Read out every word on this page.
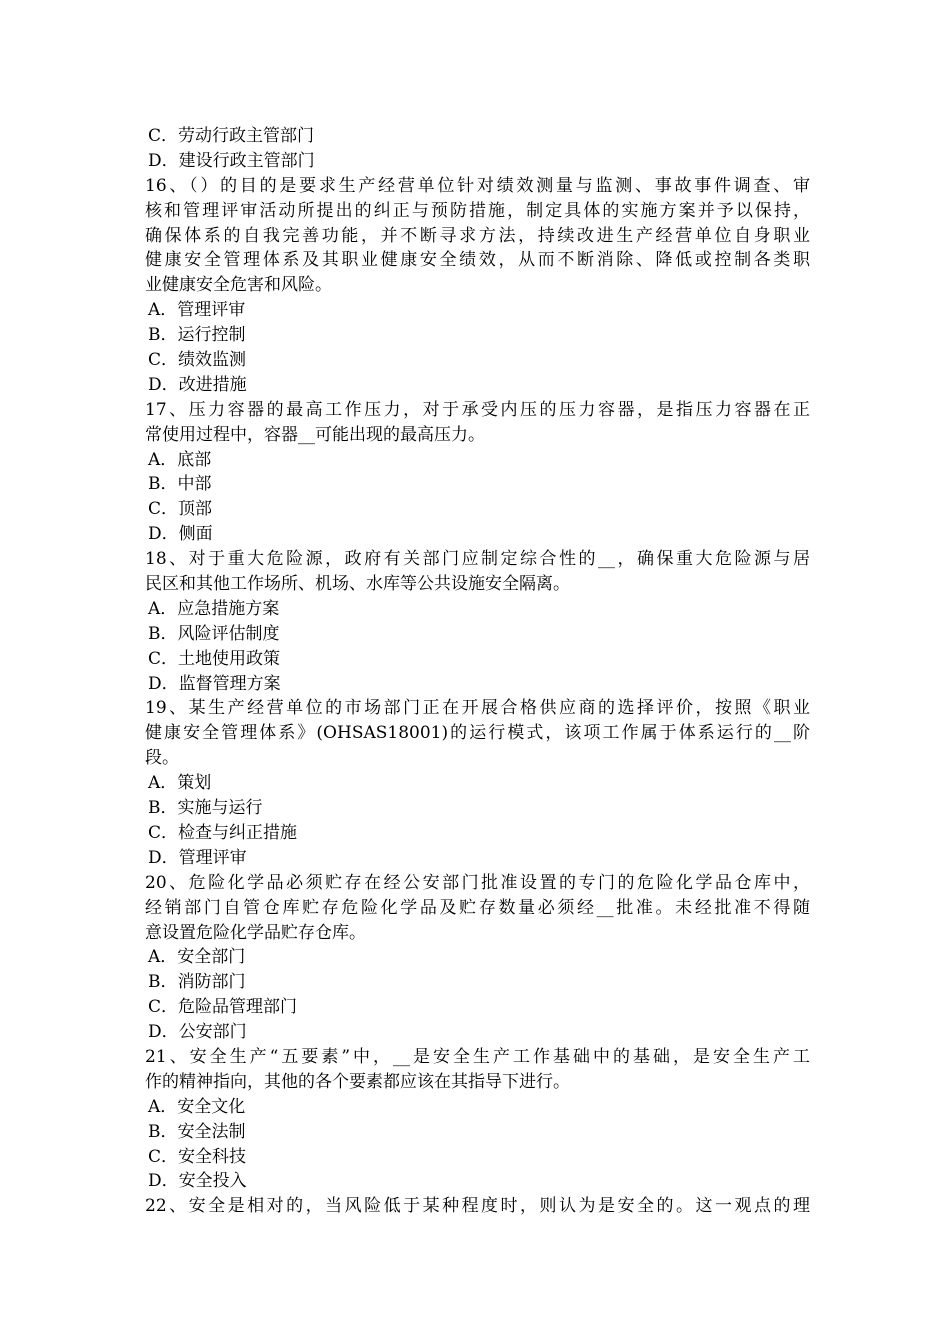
C．劳动行政主管部门
D．建设行政主管部门
16、（）的目的是要求生产经营单位针对绩效测量与监测、事故事件调查、审
核和管理评审活动所提出的纠正与预防措施，制定具体的实施方案并予以保持，
确保体系的自我完善功能，并不断寻求方法，持续改进生产经营单位自身职业
健康安全管理体系及其职业健康安全绩效，从而不断消除、降低或控制各类职
业健康安全危害和风险。
A．管理评审
B．运行控制
C．绩效监测
D．改进措施
17、压力容器的最高工作压力，对于承受内压的压力容器，是指压力容器在正
常使用过程中，容器__可能出现的最高压力。
A．底部
B．中部
C．顶部
D．侧面
18、对于重大危险源，政府有关部门应制定综合性的__，确保重大危险源与居
民区和其他工作场所、机场、水库等公共设施安全隔离。
A．应急措施方案
B．风险评估制度
C．土地使用政策
D．监督管理方案
19、某生产经营单位的市场部门正在开展合格供应商的选择评价，按照《职业
健康安全管理体系》(OHSAS18001)的运行模式，该项工作属于体系运行的__阶
段。
A．策划
B．实施与运行
C．检查与纠正措施
D．管理评审
20、危险化学品必须贮存在经公安部门批准设置的专门的危险化学品仓库中，
经销部门自管仓库贮存危险化学品及贮存数量必须经__批准。未经批准不得随
意设置危险化学品贮存仓库。
A．安全部门
B．消防部门
C．危险品管理部门
D．公安部门
21、安全生产“五要素”中，__是安全生产工作基础中的基础，是安全生产工
作的精神指向，其他的各个要素都应该在其指导下进行。
A．安全文化
B．安全法制
C．安全科技
D．安全投入
22、安全是相对的，当风险低于某种程度时，则认为是安全的。这一观点的理
